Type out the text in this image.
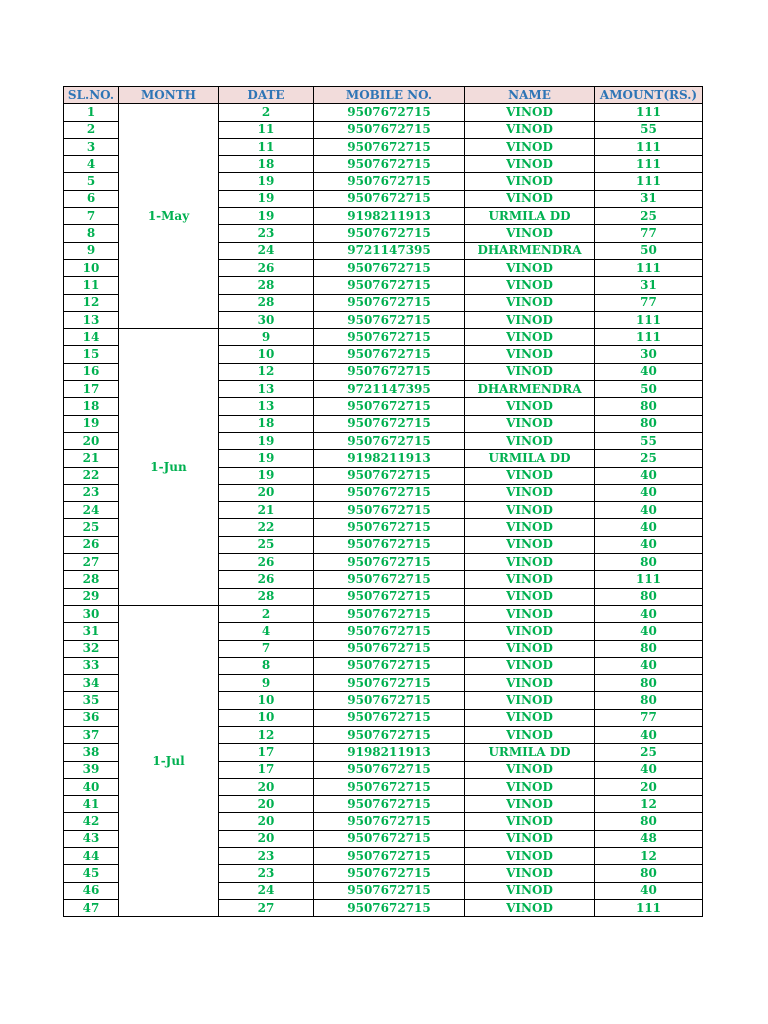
SL.NO.	MONTH	DATE	MOBILE NO.	NAME	AMOUNT(RS.)
1	1-May	2	9507672715	VINOD	111
2		11	9507672715	VINOD	55
3		11	9507672715	VINOD	111
4		18	9507672715	VINOD	111
5		19	9507672715	VINOD	111
6		19	9507672715	VINOD	31
7		19	9198211913	URMILA DD	25
8		23	9507672715	VINOD	77
9		24	9721147395	DHARMENDRA	50
10		26	9507672715	VINOD	111
11		28	9507672715	VINOD	31
12		28	9507672715	VINOD	77
13		30	9507672715	VINOD	111
14	1-Jun	9	9507672715	VINOD	111
15		10	9507672715	VINOD	30
16		12	9507672715	VINOD	40
17		13	9721147395	DHARMENDRA	50
18		13	9507672715	VINOD	80
19		18	9507672715	VINOD	80
20		19	9507672715	VINOD	55
21		19	9198211913	URMILA DD	25
22		19	9507672715	VINOD	40
23		20	9507672715	VINOD	40
24		21	9507672715	VINOD	40
25		22	9507672715	VINOD	40
26		25	9507672715	VINOD	40
27		26	9507672715	VINOD	80
28		26	9507672715	VINOD	111
29		28	9507672715	VINOD	80
30	1-Jul	2	9507672715	VINOD	40
31		4	9507672715	VINOD	40
32		7	9507672715	VINOD	80
33		8	9507672715	VINOD	40
34		9	9507672715	VINOD	80
35		10	9507672715	VINOD	80
36		10	9507672715	VINOD	77
37		12	9507672715	VINOD	40
38		17	9198211913	URMILA DD	25
39		17	9507672715	VINOD	40
40		20	9507672715	VINOD	20
41		20	9507672715	VINOD	12
42		20	9507672715	VINOD	80
43		20	9507672715	VINOD	48
44		23	9507672715	VINOD	12
45		23	9507672715	VINOD	80
46		24	9507672715	VINOD	40
47		27	9507672715	VINOD	111
